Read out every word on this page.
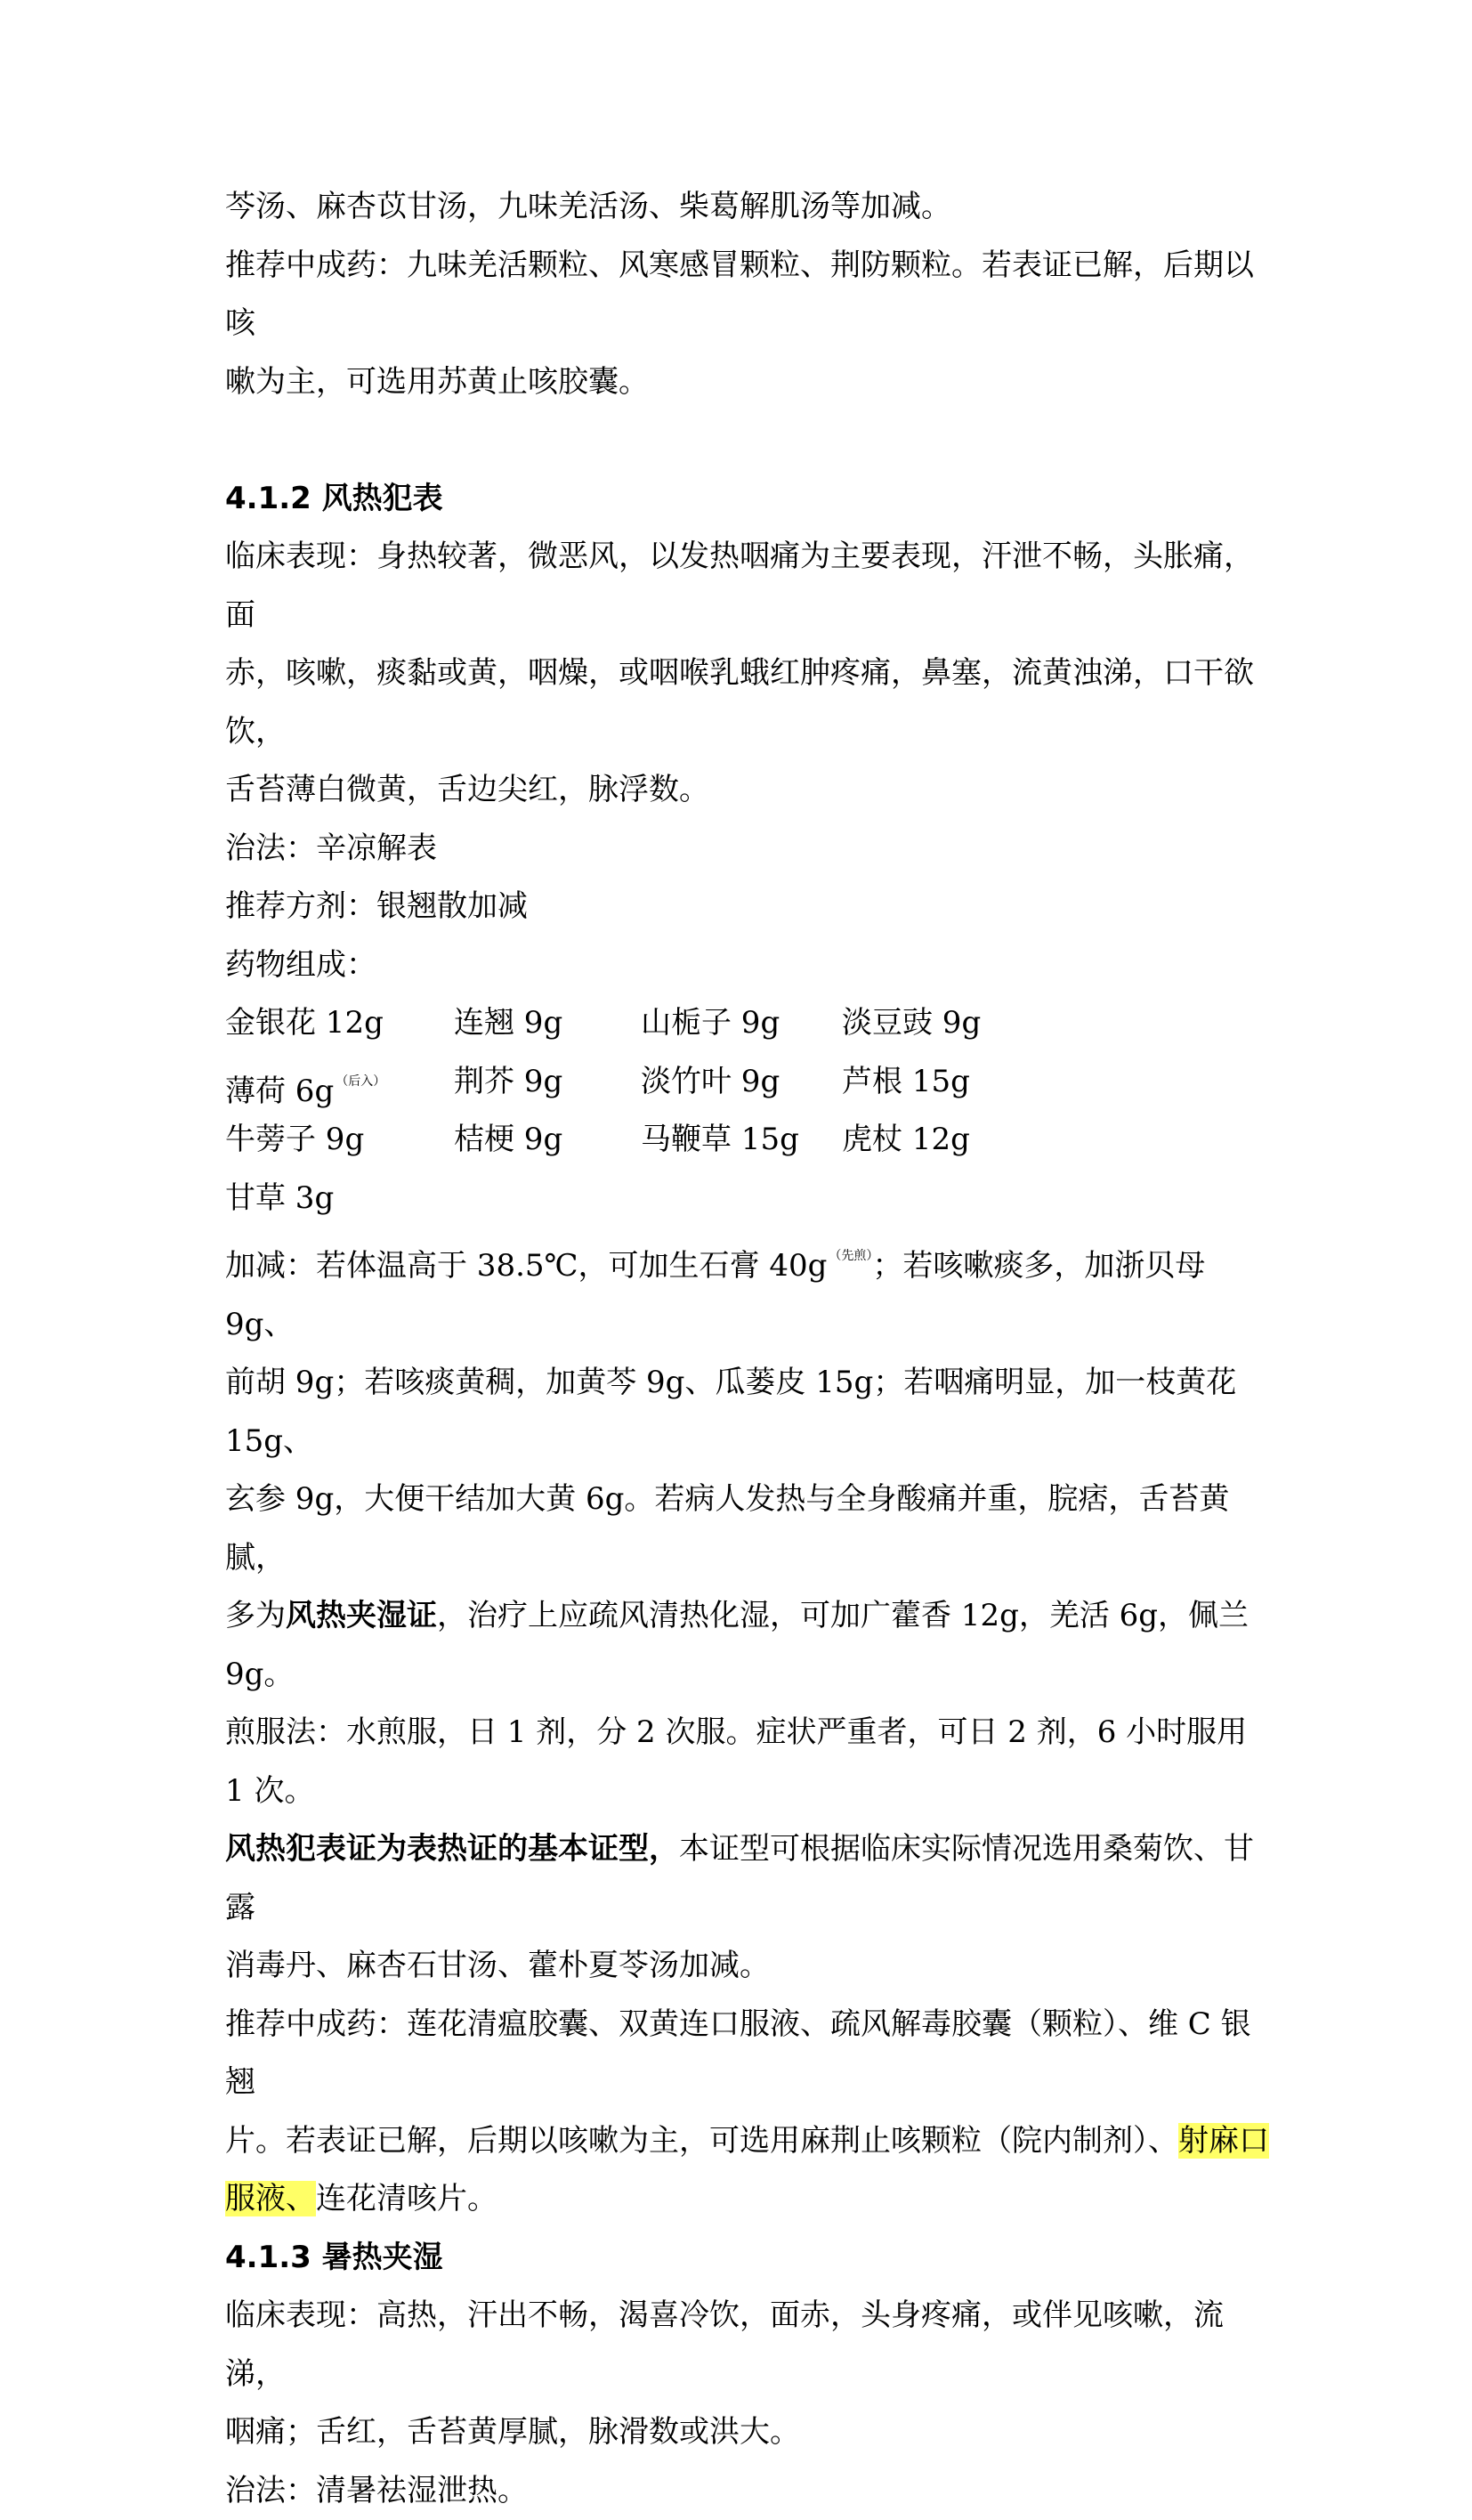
芩汤、麻杏苡甘汤，九味羌活汤、柴葛解肌汤等加减。

推荐中成药：九味羌活颗粒、风寒感冒颗粒、荆防颗粒。若表证已解，后期以咳

嗽为主，可选用苏黄止咳胶囊。

4.1.2 风热犯表

临床表现：身热较著，微恶风，以发热咽痛为主要表现，汗泄不畅，头胀痛，面

赤，咳嗽，痰黏或黄，咽燥，或咽喉乳蛾红肿疼痛，鼻塞，流黄浊涕，口干欲饮，

舌苔薄白微黄，舌边尖红，脉浮数。

治法：辛凉解表

推荐方剂：银翘散加减

药物组成：

金银花 12g	连翘 9g	山栀子 9g	淡豆豉 9g
薄荷 6g $^{(后入)}$	荆芥 9g	淡竹叶 9g	芦根 15g
牛蒡子 9g	桔梗 9g	马鞭草 15g	虎杖 12g
甘草 3g

加减：若体温高于 38.5℃，可加生石膏 40g $^{(先煎)}$；若咳嗽痰多，加浙贝母 9g、

前胡 9g；若咳痰黄稠，加黄芩 9g、瓜蒌皮 15g；若咽痛明显，加一枝黄花 15g、

玄参 9g，大便干结加大黄 6g。若病人发热与全身酸痛并重，脘痞，舌苔黄腻，

多为风热夹湿证，治疗上应疏风清热化湿，可加广藿香 12g，羌活 6g，佩兰 9g。

煎服法：水煎服，日 1 剂，分 2 次服。症状严重者，可日 2 剂，6 小时服用 1 次。

风热犯表证为表热证的基本证型，本证型可根据临床实际情况选用桑菊饮、甘露

消毒丹、麻杏石甘汤、藿朴夏苓汤加减。

推荐中成药：莲花清瘟胶囊、双黄连口服液、疏风解毒胶囊（颗粒）、维 C 银翘

片。若表证已解，后期以咳嗽为主，可选用麻荆止咳颗粒（院内制剂）、射麻口

服液、连花清咳片。

4.1.3 暑热夹湿

临床表现：高热，汗出不畅，渴喜冷饮，面赤，头身疼痛，或伴见咳嗽，流涕，

咽痛；舌红，舌苔黄厚腻，脉滑数或洪大。

治法：清暑祛湿泄热。
